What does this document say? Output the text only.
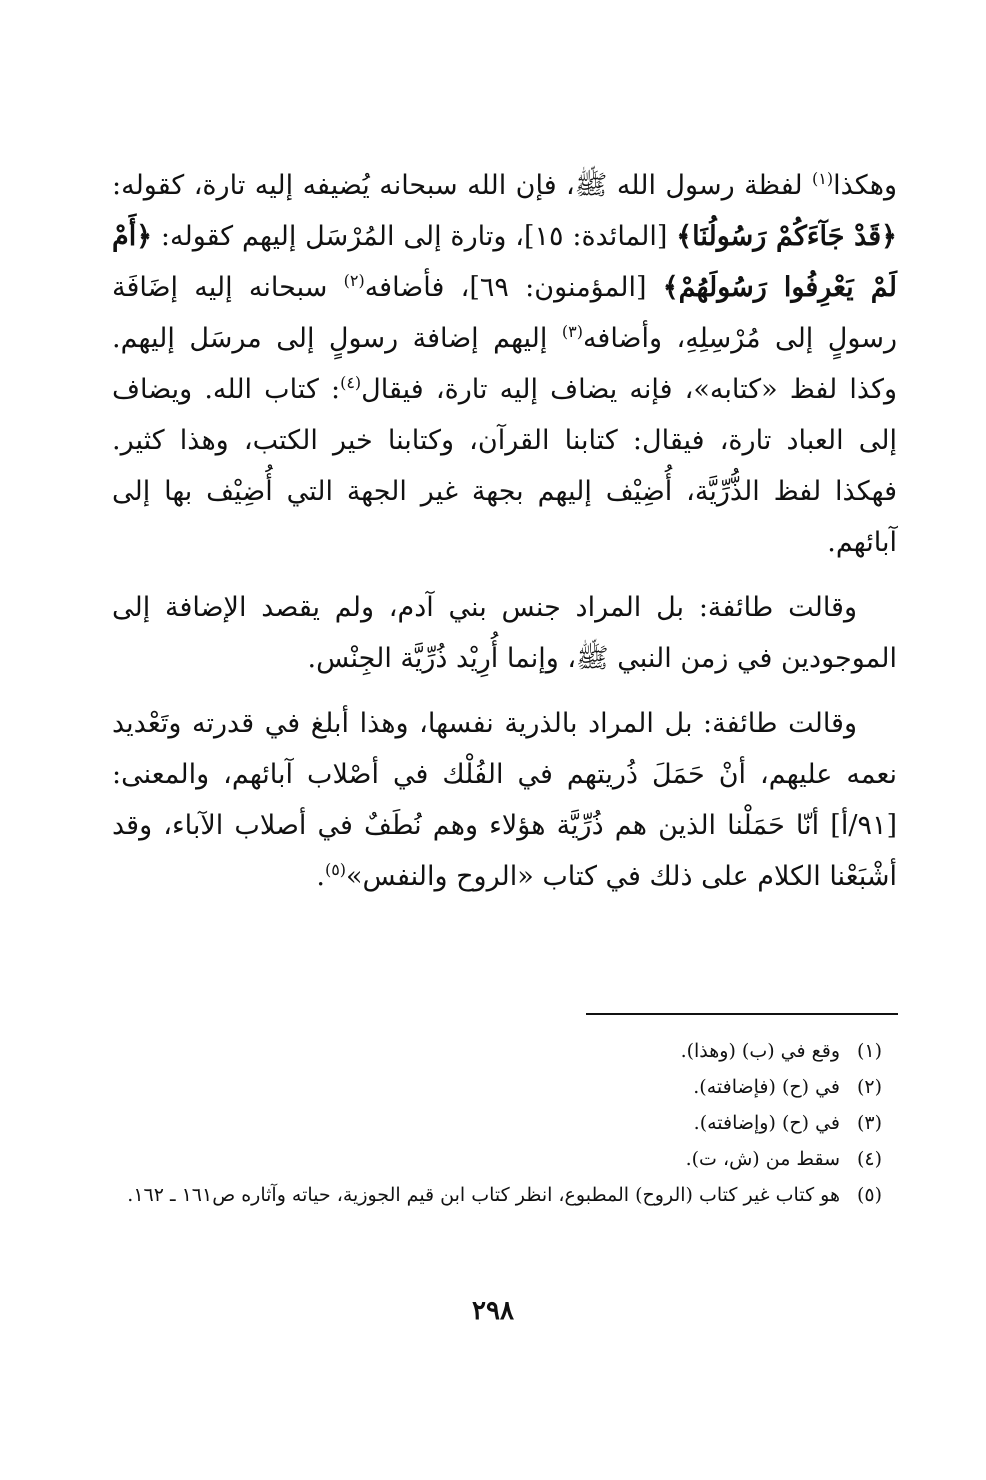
وهكذا$^{(١)}$ لفظة رسول الله ﷺ، فإن الله سبحانه يُضيفه إليه تارة، كقوله: ﴿قَدْ جَآءَكُمْ رَسُولُنَا﴾ [المائدة: ١٥]، وتارة إلى المُرْسَل إليهم كقوله: ﴿أَمْ لَمْ يَعْرِفُوا رَسُولَهُمْ﴾ [المؤمنون: ٦٩]، فأضافه$^{(٢)}$ سبحانه إليه إضَافَة رسولٍ إلى مُرْسِلِهِ، وأضافه$^{(٣)}$ إليهم إضافة رسولٍ إلى مرسَل إليهم. وكذا لفظ «كتابه»، فإنه يضاف إليه تارة، فيقال$^{(٤)}$: كتاب الله. ويضاف إلى العباد تارة، فيقال: كتابنا القرآن، وكتابنا خير الكتب، وهذا كثير. فهكذا لفظ الذُّرِّيَّة، أُضِيْف إليهم بجهة غير الجهة التي أُضِيْف بها إلى آبائهم.

وقالت طائفة: بل المراد جنس بني آدم، ولم يقصد الإضافة إلى الموجودين في زمن النبي ﷺ، وإنما أُرِيْد ذُرِّيَّة الجِنْس.

وقالت طائفة: بل المراد بالذرية نفسها، وهذا أبلغ في قدرته وتَعْديد نعمه عليهم، أنْ حَمَلَ ذُريتهم في الفُلْك في أصْلاب آبائهم، والمعنى: [٩١/أ] أنّا حَمَلْنا الذين هم ذُرِّيَّة هؤلاء وهم نُطَفٌ في أصلاب الآباء، وقد أشْبَعْنا الكلام على ذلك في كتاب «الروح والنفس»$^{(٥)}$.

(١)
وقع في (ب) (وهذا).
(٢)
في (ح) (فإضافته).
(٣)
في (ح) (وإضافته).
(٤)
سقط من (ش، ت).
(٥)
هو كتاب غير كتاب (الروح) المطبوع، انظر كتاب ابن قيم الجوزية، حياته وآثاره ص١٦١ ـ ١٦٢.
٢٩٨
